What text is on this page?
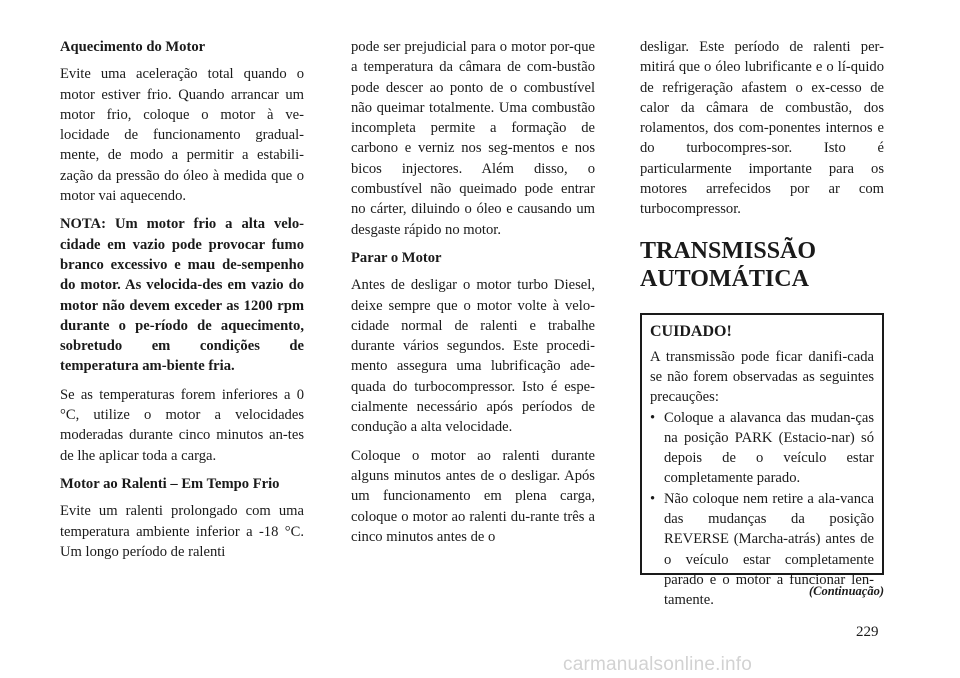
Aquecimento do Motor

Evite uma aceleração total quando o motor estiver frio. Quando arrancar um motor frio, coloque o motor à ve-locidade de funcionamento gradual-mente, de modo a permitir a estabili-zação da pressão do óleo à medida que o motor vai aquecendo.

NOTA: Um motor frio a alta velo-cidade em vazio pode provocar fumo branco excessivo e mau de-sempenho do motor. As velocida-des em vazio do motor não devem exceder as 1200 rpm durante o pe-ríodo de aquecimento, sobretudo em condições de temperatura am-biente fria.

Se as temperaturas forem inferiores a 0 °C, utilize o motor a velocidades moderadas durante cinco minutos an-tes de lhe aplicar toda a carga.

Motor ao Ralenti – Em Tempo Frio

Evite um ralenti prolongado com uma temperatura ambiente inferior a -18 °C. Um longo período de ralenti

pode ser prejudicial para o motor por-que a temperatura da câmara de com-bustão pode descer ao ponto de o combustível não queimar totalmente. Uma combustão incompleta permite a formação de carbono e verniz nos seg-mentos e nos bicos injectores. Além disso, o combustível não queimado pode entrar no cárter, diluindo o óleo e causando um desgaste rápido no motor.

Parar o Motor

Antes de desligar o motor turbo Diesel, deixe sempre que o motor volte à velo-cidade normal de ralenti e trabalhe durante vários segundos. Este procedi-mento assegura uma lubrificação ade-quada do turbocompressor. Isto é espe-cialmente necessário após períodos de condução a alta velocidade.

Coloque o motor ao ralenti durante alguns minutos antes de o desligar. Após um funcionamento em plena carga, coloque o motor ao ralenti du-rante três a cinco minutos antes de o

desligar. Este período de ralenti per-mitirá que o óleo lubrificante e o lí-quido de refrigeração afastem o ex-cesso de calor da câmara de combustão, dos rolamentos, dos com-ponentes internos e do turbocompres-sor. Isto é particularmente importante para os motores arrefecidos por ar com turbocompressor.

TRANSMISSÃO
AUTOMÁTICA

CUIDADO!

A transmissão pode ficar danifi-cada se não forem observadas as seguintes precauções:

• Coloque a alavanca das mudan-ças na posição PARK (Estacio-nar) só depois de o veículo estar completamente parado.
• Não coloque nem retire a ala-vanca das mudanças da posição REVERSE (Marcha-atrás) antes de o veículo estar completamente parado e o motor a funcionar len-tamente.

(Continuação)

229
carmanualsonline.info
